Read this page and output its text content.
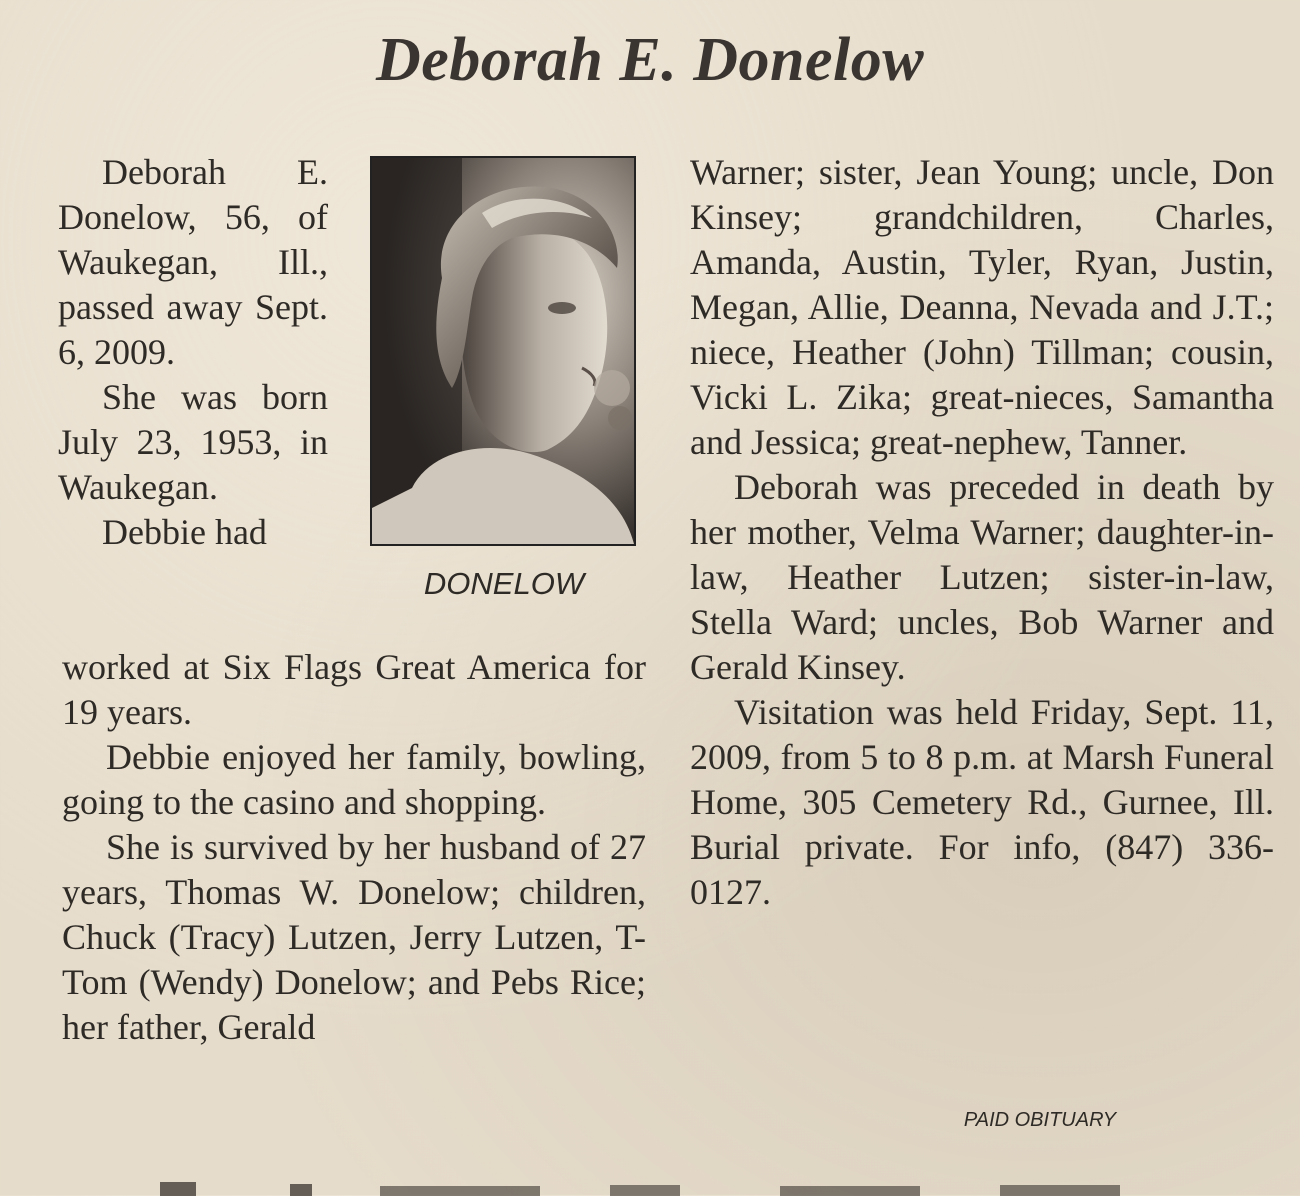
Deborah E. Donelow

Deborah E. Donelow, 56, of Waukegan, Ill., passed away Sept. 6, 2009.

She was born July 23, 1953, in Waukegan.

Debbie had

DONELOW

worked at Six Flags Great America for 19 years.

Debbie enjoyed her family, bowling, going to the casino and shopping.

She is survived by her husband of 27 years, Thomas W. Donelow; children, Chuck (Tracy) Lutzen, Jerry Lutzen, T-Tom (Wendy) Donelow; and Pebs Rice; her father, Gerald

Warner; sister, Jean Young; uncle, Don Kinsey; grandchildren, Charles, Amanda, Austin, Tyler, Ryan, Justin, Megan, Allie, Deanna, Nevada and J.T.; niece, Heather (John) Tillman; cousin, Vicki L. Zika; great-nieces, Samantha and Jessica; great-nephew, Tanner.

Deborah was preceded in death by her mother, Velma Warner; daughter-in-law, Heather Lutzen; sister-in-law, Stella Ward; uncles, Bob Warner and Gerald Kinsey.

Visitation was held Friday, Sept. 11, 2009, from 5 to 8 p.m. at Marsh Funeral Home, 305 Cemetery Rd., Gurnee, Ill. Burial private. For info, (847) 336-0127.

PAID OBITUARY
